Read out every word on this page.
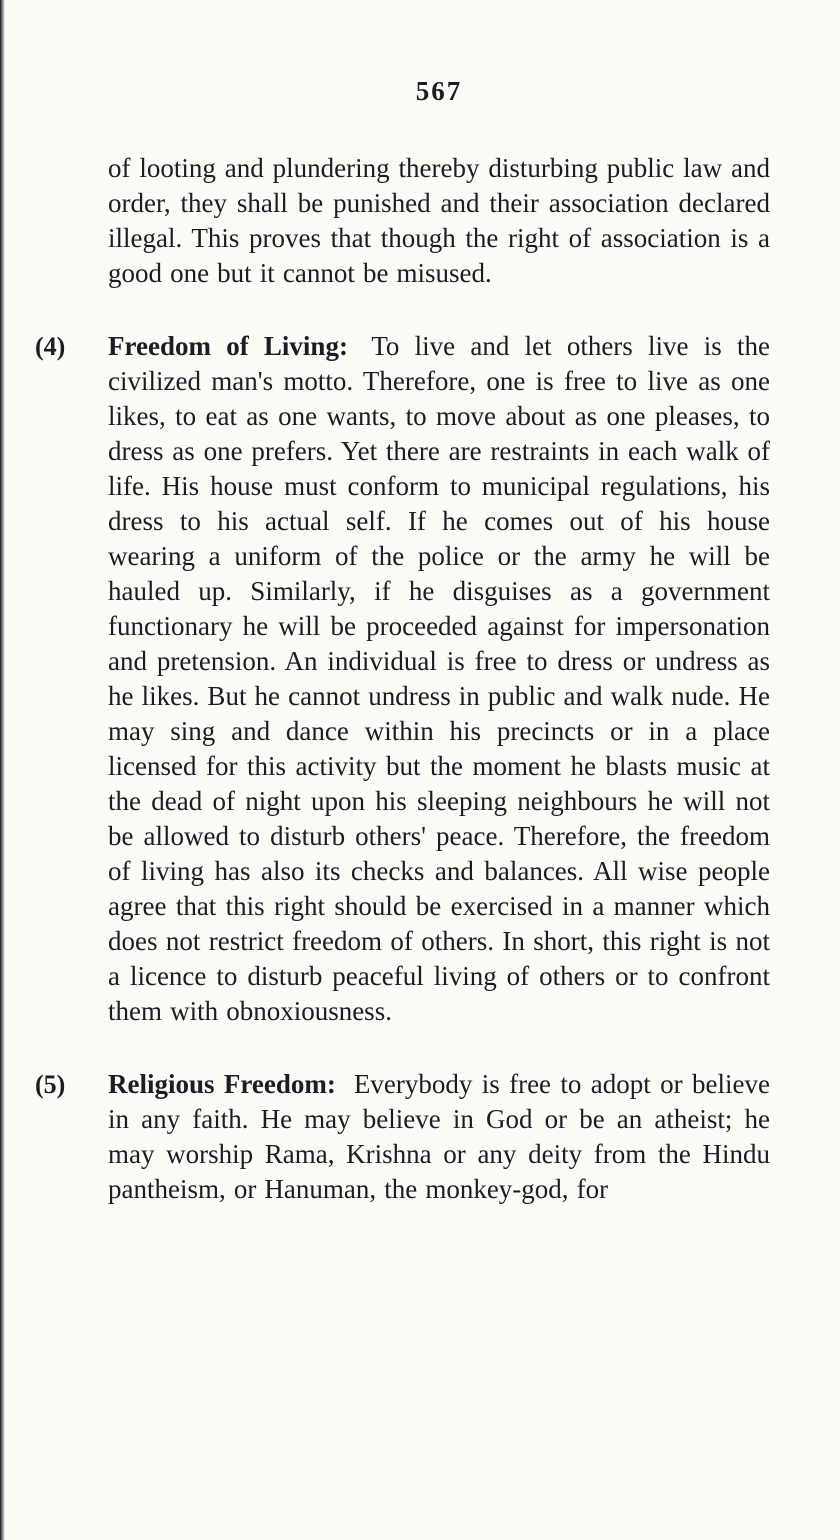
567
of looting and plundering thereby disturbing public law and order, they shall be punished and their association declared illegal. This proves that though the right of association is a good one but it cannot be misused.
(4) Freedom of Living: To live and let others live is the civilized man's motto. Therefore, one is free to live as one likes, to eat as one wants, to move about as one pleases, to dress as one prefers. Yet there are restraints in each walk of life. His house must conform to municipal regulations, his dress to his actual self. If he comes out of his house wearing a uniform of the police or the army he will be hauled up. Similarly, if he disguises as a government functionary he will be proceeded against for impersonation and pretension. An individual is free to dress or undress as he likes. But he cannot undress in public and walk nude. He may sing and dance within his precincts or in a place licensed for this activity but the moment he blasts music at the dead of night upon his sleeping neighbours he will not be allowed to disturb others' peace. Therefore, the freedom of living has also its checks and balances. All wise people agree that this right should be exercised in a manner which does not restrict freedom of others. In short, this right is not a licence to disturb peaceful living of others or to confront them with obnoxiousness.
(5) Religious Freedom: Everybody is free to adopt or believe in any faith. He may believe in God or be an atheist; he may worship Rama, Krishna or any deity from the Hindu pantheism, or Hanuman, the monkey-god, for
